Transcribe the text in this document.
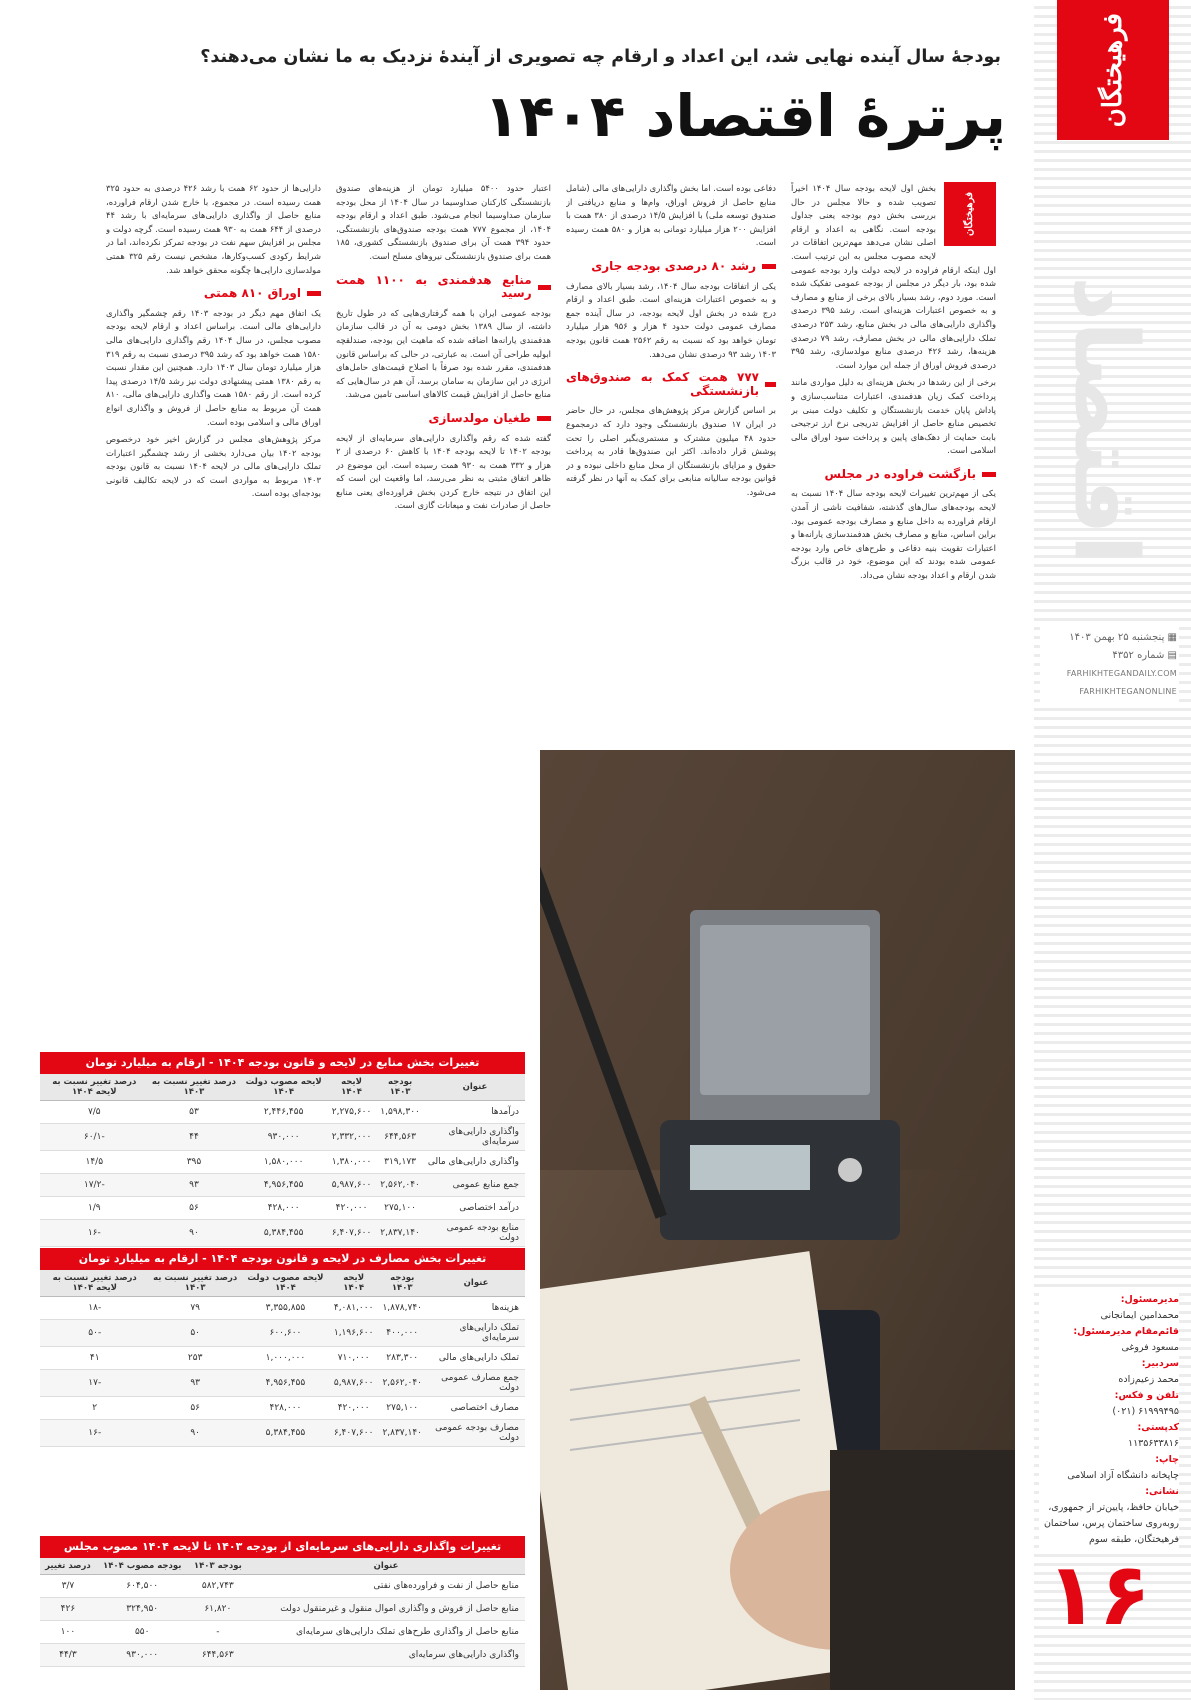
فرهیختگان
اقتصاد
▦ پنجشنبه ۲۵ بهمن ۱۴۰۳
▤ شماره ۴۳۵۲
FARHIKHTEGANDAILY.COM
FARHIKHTEGANONLINE
مدیرمسئول:
محمدامین ایمانجانی
قائم‌مقام مدیرمسئول:
مسعود فروغی
سردبیر:
محمد زعیم‌زاده
تلفن و فکس:
۶۱۹۹۹۴۹۵ (۰۲۱)
کدپستی:
۱۱۳۵۶۳۳۸۱۶
چاپ:
چاپخانه دانشگاه آزاد اسلامی
نشانی:
خیابان حافظ، پایین‌تر از جمهوری، روبه‌روی ساختمان پرس، ساختمان فرهیختگان، طبقه سوم
۱۶
بودجهٔ سال آینده نهایی شد، این اعداد و ارقام چه تصویری از آیندهٔ نزدیک به ما نشان می‌دهند؟
پرترهٔ اقتصاد ۱۴۰۴
فرهیختگان

بخش اول لایحه بودجه سال ۱۴۰۴ اخیراً تصویب شده و حالا مجلس در حال بررسی بخش دوم بودجه یعنی جداول بودجه است. نگاهی به اعداد و ارقام اصلی نشان می‌دهد مهم‌ترین اتفاقات در لایحه مصوب مجلس به این ترتیب است. اول اینکه ارقام فراوده در لایحه دولت وارد بودجه عمومی شده بود، بار دیگر در مجلس از بودجه عمومی تفکیک شده است. مورد دوم، رشد بسیار بالای برخی از منابع و مصارف و به خصوص اعتبارات هزینه‌ای است. رشد ۳۹۵ درصدی واگذاری دارایی‌های مالی در بخش منابع، رشد ۲۵۳ درصدی تملک دارایی‌های مالی در بخش مصارف، رشد ۷۹ درصدی هزینه‌ها، رشد ۴۲۶ درصدی منابع مولدسازی، رشد ۳۹۵ درصدی فروش اوراق از جمله این موارد است.

برخی از این رشدها در بخش هزینه‌ای به دلیل مواردی مانند پرداخت کمک زیان هدفمندی، اعتبارات متناسب‌سازی و پاداش پایان خدمت بازنشستگان و تکلیف دولت مبنی بر تخصیص منابع حاصل از افزایش تدریجی نرخ ارز ترجیحی بابت حمایت از دهک‌های پایین و پرداخت سود اوراق مالی اسلامی است.

بازگشت فراوده در مجلس

یکی از مهم‌ترین تغییرات لایحه بودجه سال ۱۴۰۴ نسبت به لایحه بودجه‌های سال‌های گذشته، شفافیت ناشی از آمدن ارقام فراورده به داخل منابع و مصارف بودجه عمومی بود. براین اساس، منابع و مصارف بخش هدفمندسازی یارانه‌ها و اعتبارات تقویت بنیه دفاعی و طرح‌های خاص وارد بودجه عمومی شده بودند که این موضوع، خود در قالب بزرگ شدن ارقام و اعداد بودجه نشان می‌داد.

دفاعی بوده است. اما بخش واگذاری دارایی‌های مالی (شامل منابع حاصل از فروش اوراق، وام‌ها و منابع دریافتی از صندوق توسعه ملی) با افزایش ۱۴/۵ درصدی از ۳۸۰ همت با افزایش ۲۰۰ هزار میلیارد تومانی به هزار و ۵۸۰ همت رسیده است.

رشد ۸۰ درصدی بودجه جاری

یکی از اتفاقات بودجه سال ۱۴۰۴، رشد بسیار بالای مصارف و به خصوص اعتبارات هزینه‌ای است. طبق اعداد و ارقام درج شده در بخش اول لایحه بودجه، در سال آینده جمع مصارف عمومی دولت حدود ۴ هزار و ۹۵۶ هزار میلیارد تومان خواهد بود که نسبت به رقم ۲۵۶۲ همت قانون بودجه ۱۴۰۳ رشد ۹۳ درصدی نشان می‌دهد.

۷۷۷ همت کمک به صندوق‌های بازنشستگی

بر اساس گزارش مرکز پژوهش‌های مجلس، در حال حاضر در ایران ۱۷ صندوق بازنشستگی وجود دارد که درمجموع حدود ۴۸ میلیون مشترک و مستمری‌بگیر اصلی را تحت پوشش قرار داده‌اند. اکثر این صندوق‌ها قادر به پرداخت حقوق و مزایای بازنشستگان از محل منابع داخلی نبوده و در قوانین بودجه سالیانه منابعی برای کمک به آنها در نظر گرفته می‌شود.

اعتبار حدود ۵۴۰۰ میلیارد تومان از هزینه‌های صندوق بازنشستگی کارکنان صداوسیما در سال ۱۴۰۴ از محل بودجه سازمان صداوسیما انجام می‌شود. طبق اعداد و ارقام بودجه ۱۴۰۴، از مجموع ۷۷۷ همت بودجه صندوق‌های بازنشستگی، حدود ۳۹۴ همت آن برای صندوق بازنشستگی کشوری، ۱۸۵ همت برای صندوق بازنشستگی نیروهای مسلح است.

منابع هدفمندی به ۱۱۰۰ همت رسید

بودجه عمومی ایران با همه گرفتاری‌هایی که در طول تاریخ داشته، از سال ۱۳۸۹ بخش دومی به آن در قالب سازمان هدفمندی یارانه‌ها اضافه شده که ماهیت این بودجه، صندلقچه ابولیه طراحی آن است. به عبارتی، در حالی که براساس قانون هدفمندی، مقرر شده بود صرفاً با اصلاح قیمت‌های حامل‌های انرژی در این سازمان به سامان برسد، آن هم در سال‌هایی که منابع حاصل از افزایش قیمت کالاهای اساسی تامین می‌شد.

طغیان مولدسازی

گفته شده که رقم واگذاری دارایی‌های سرمایه‌ای از لایحه بودجه ۱۴۰۲ تا لایحه بودجه ۱۴۰۴ با کاهش ۶۰ درصدی از ۲ هزار و ۳۳۲ همت به ۹۳۰ همت رسیده است. این موضوع در ظاهر اتفاق مثبتی به نظر می‌رسد، اما واقعیت این است که این اتفاق در نتیجه خارج کردن بخش فراورده‌ای یعنی منابع حاصل از صادرات نفت و میعانات گازی است.

دارایی‌ها از حدود ۶۲ همت با رشد ۴۲۶ درصدی به حدود ۳۲۵ همت رسیده است. در مجموع، با خارج شدن ارقام فراورده، منابع حاصل از واگذاری دارایی‌های سرمایه‌ای با رشد ۴۴ درصدی از ۶۴۴ همت به ۹۳۰ همت رسیده است. گرچه دولت و مجلس بر افزایش سهم نفت در بودجه تمرکز نکرده‌اند، اما در شرایط رکودی کسب‌وکارها، مشخص نیست رقم ۳۲۵ همتی مولدسازی دارایی‌ها چگونه محقق خواهد شد.

اوراق ۸۱۰ همتی

یک اتفاق مهم دیگر در بودجه ۱۴۰۳ رقم چشمگیر واگذاری دارایی‌های مالی است. براساس اعداد و ارقام لایحه بودجه مصوب مجلس، در سال ۱۴۰۴ رقم واگذاری دارایی‌های مالی ۱۵۸۰ همت خواهد بود که رشد ۳۹۵ درصدی نسبت به رقم ۳۱۹ هزار میلیارد تومان سال ۱۴۰۳ دارد. همچنین این مقدار نسبت به رقم ۱۳۸۰ همتی پیشنهادی دولت نیز رشد ۱۴/۵ درصدی پیدا کرده است. از رقم ۱۵۸۰ همت واگذاری دارایی‌های مالی، ۸۱۰ همت آن مربوط به منابع حاصل از فروش و واگذاری انواع اوراق مالی و اسلامی بوده است.

مرکز پژوهش‌های مجلس در گزارش اخیر خود درخصوص بودجه ۱۴۰۲ بیان می‌دارد بخشی از رشد چشمگیر اعتبارات تملک دارایی‌های مالی در لایحه ۱۴۰۴ نسبت به قانون بودجه ۱۴۰۳ مربوط به مواردی است که در لایحه تکالیف قانونی بودجه‌ای بوده است.

تغییرات بخش منابع در لایحه و قانون بودجه ۱۴۰۴ - ارقام به میلیارد تومان
عنوان	بودجه ۱۴۰۳	لایحه ۱۴۰۴	لایحه مصوب دولت ۱۴۰۴	درصد تغییر نسبت به ۱۴۰۳	درصد تغییر نسبت به لایحه ۱۴۰۴
درآمدها	۱,۵۹۸,۳۰۰	۲,۲۷۵,۶۰۰	۲,۴۴۶,۴۵۵	۵۳	۷/۵
واگذاری دارایی‌های سرمایه‌ای	۶۴۴,۵۶۳	۲,۳۳۲,۰۰۰	۹۳۰,۰۰۰	۴۴	-۶۰/۱
واگذاری دارایی‌های مالی	۳۱۹,۱۷۳	۱,۳۸۰,۰۰۰	۱,۵۸۰,۰۰۰	۳۹۵	۱۴/۵
جمع منابع عمومی	۲,۵۶۲,۰۴۰	۵,۹۸۷,۶۰۰	۴,۹۵۶,۴۵۵	۹۳	-۱۷/۲
درآمد اختصاصی	۲۷۵,۱۰۰	۴۲۰,۰۰۰	۴۲۸,۰۰۰	۵۶	۱/۹
منابع بودجه عمومی دولت	۲,۸۳۷,۱۴۰	۶,۴۰۷,۶۰۰	۵,۳۸۴,۴۵۵	۹۰	-۱۶
تغییرات بخش مصارف در لایحه و قانون بودجه ۱۴۰۴ - ارقام به میلیارد تومان
عنوان	بودجه ۱۴۰۳	لایحه ۱۴۰۴	لایحه مصوب دولت ۱۴۰۴	درصد تغییر نسبت به ۱۴۰۳	درصد تغییر نسبت به لایحه ۱۴۰۴
هزینه‌ها	۱,۸۷۸,۷۴۰	۴,۰۸۱,۰۰۰	۳,۳۵۵,۸۵۵	۷۹	-۱۸
تملک دارایی‌های سرمایه‌ای	۴۰۰,۰۰۰	۱,۱۹۶,۶۰۰	۶۰۰,۶۰۰	۵۰	-۵۰
تملک دارایی‌های مالی	۲۸۳,۳۰۰	۷۱۰,۰۰۰	۱,۰۰۰,۰۰۰	۲۵۳	۴۱
جمع مصارف عمومی دولت	۲,۵۶۲,۰۴۰	۵,۹۸۷,۶۰۰	۴,۹۵۶,۴۵۵	۹۳	-۱۷
مصارف اختصاصی	۲۷۵,۱۰۰	۴۲۰,۰۰۰	۴۲۸,۰۰۰	۵۶	۲
مصارف بودجه عمومی دولت	۲,۸۳۷,۱۴۰	۶,۴۰۷,۶۰۰	۵,۳۸۴,۴۵۵	۹۰	-۱۶
تغییرات واگذاری دارایی‌های سرمایه‌ای از بودجه ۱۴۰۳ تا لایحه ۱۴۰۴ مصوب مجلس
عنوان	بودجه ۱۴۰۳	بودجه مصوب ۱۴۰۴	درصد تغییر
منابع حاصل از نفت و فراورده‌های نفتی	۵۸۲,۷۴۳	۶۰۴,۵۰۰	۳/۷
منابع حاصل از فروش و واگذاری اموال منقول و غیرمنقول دولت	۶۱,۸۲۰	۳۲۴,۹۵۰	۴۲۶
منابع حاصل از واگذاری طرح‌های تملک دارایی‌های سرمایه‌ای	-	۵۵۰	۱۰۰
واگذاری دارایی‌های سرمایه‌ای	۶۴۴,۵۶۳	۹۳۰,۰۰۰	۴۴/۳
